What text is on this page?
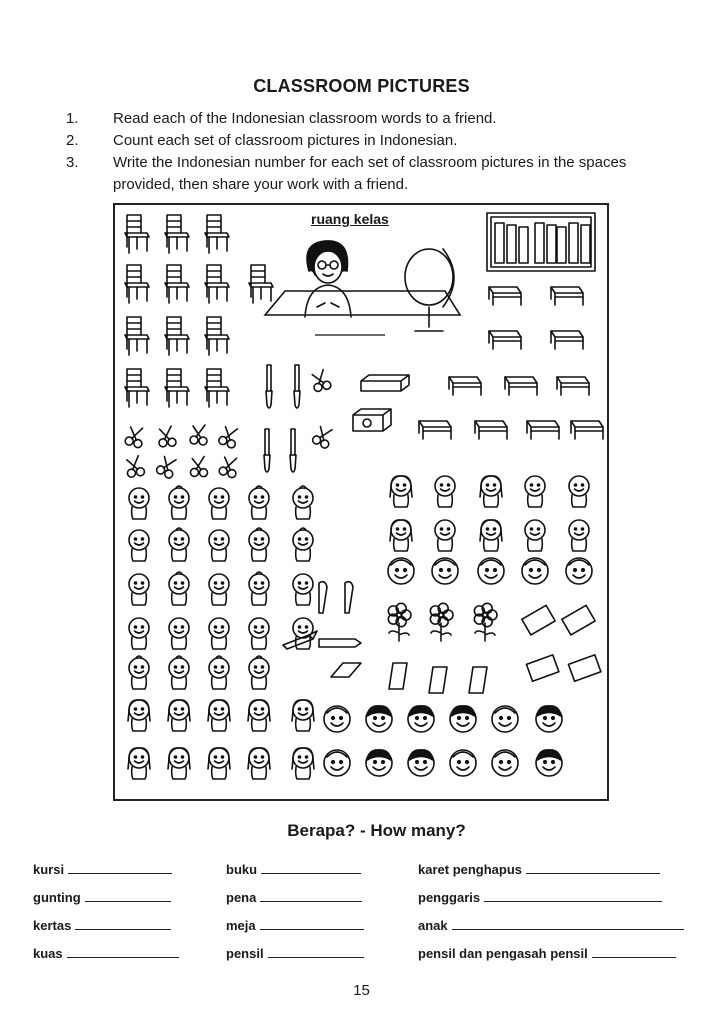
CLASSROOM PICTURES
1.	Read each of the Indonesian classroom words to a friend.
2.	Count each set of classroom pictures in Indonesian.
3.	Write the Indonesian number for each set of classroom pictures in the spaces provided, then share your work with a friend.
ruang kelas
Berapa? - How many?
kursi	buku	karet penghapus
gunting	pena	penggaris
kertas	meja	anak
kuas	pensil	pensil dan pengasah pensil
15
